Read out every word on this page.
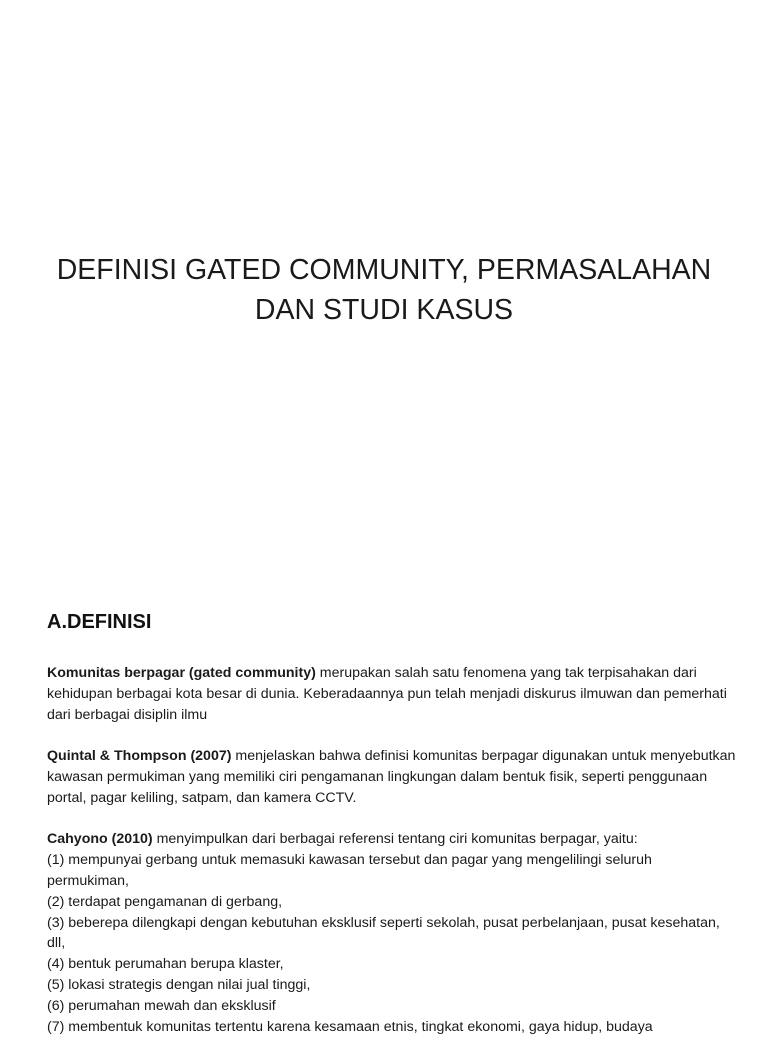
DEFINISI GATED COMMUNITY, PERMASALAHAN
DAN STUDI KASUS
A.DEFINISI

Komunitas berpagar (gated community) merupakan salah satu fenomena yang tak terpisahakan dari kehidupan berbagai kota besar di dunia. Keberadaannya pun telah menjadi diskurus ilmuwan dan pemerhati dari berbagai disiplin ilmu

Quintal & Thompson (2007) menjelaskan bahwa definisi komunitas berpagar digunakan untuk menyebutkan kawasan permukiman yang memiliki ciri pengamanan lingkungan dalam bentuk fisik, seperti penggunaan portal, pagar keliling, satpam, dan kamera CCTV.

Cahyono (2010) menyimpulkan dari berbagai referensi tentang ciri komunitas berpagar, yaitu:
(1) mempunyai gerbang untuk memasuki kawasan tersebut dan pagar yang mengelilingi seluruh permukiman,
(2) terdapat pengamanan di gerbang,
(3) beberepa dilengkapi dengan kebutuhan eksklusif seperti sekolah, pusat perbelanjaan, pusat kesehatan, dll,
(4) bentuk perumahan berupa klaster,
(5) lokasi strategis dengan nilai jual tinggi,
(6) perumahan mewah dan eksklusif
(7) membentuk komunitas tertentu karena kesamaan etnis, tingkat ekonomi, gaya hidup, budaya
